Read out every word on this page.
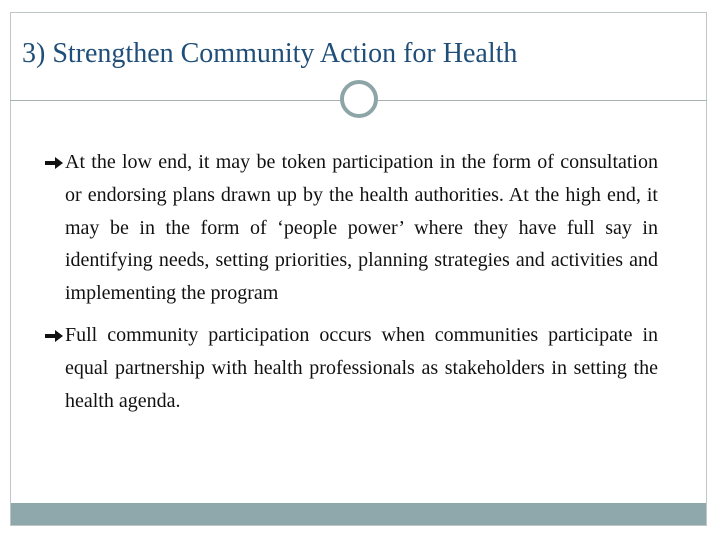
3) Strengthen Community Action for Health

At the low end, it may be token participation in the form of consultation or endorsing plans drawn up by the health authorities. At the high end, it may be in the form of ‘people power’ where they have full say in identifying needs, setting priorities, planning strategies and activities and implementing the program

Full community participation occurs when communities participate in equal partnership with health professionals as stakeholders in setting the health agenda.
